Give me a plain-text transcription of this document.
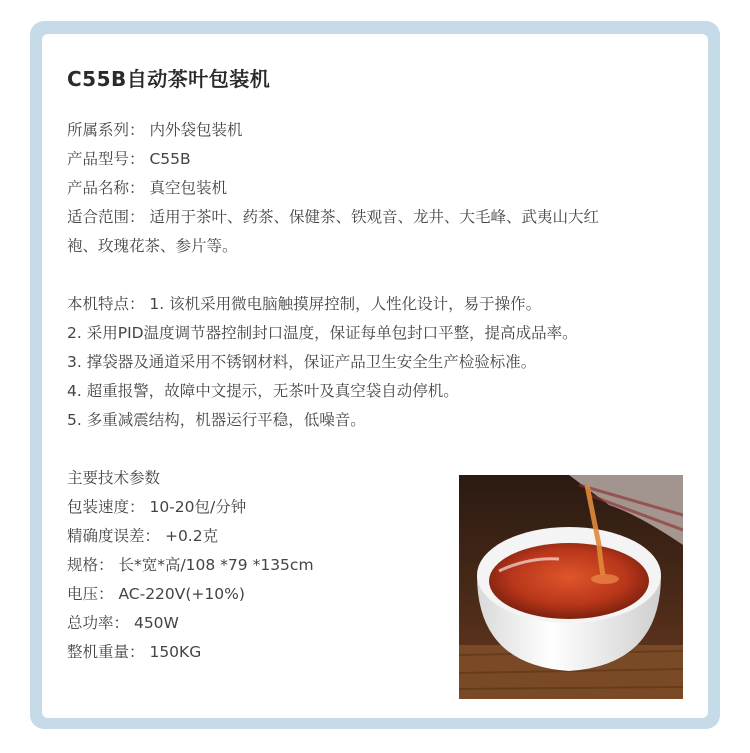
C55B自动茶叶包装机
所属系列： 内外袋包装机
产品型号： C55B
产品名称： 真空包装机
适合范围： 适用于茶叶、药茶、保健茶、铁观音、龙井、大毛峰、武夷山大红
袍、玫瑰花茶、参片等。
本机特点： 1. 该机采用微电脑触摸屏控制，人性化设计，易于操作。
2. 采用PID温度调节器控制封口温度，保证每单包封口平整，提高成品率。
3. 撑袋器及通道采用不锈钢材料，保证产品卫生安全生产检验标准。
4. 超重报警，故障中文提示，无茶叶及真空袋自动停机。
5. 多重减震结构，机器运行平稳，低噪音。
主要技术参数
包装速度： 10-20包/分钟
精确度误差： +0.2克
规格： 长*宽*高/108 *79 *135cm
电压： AC-220V(+10%)
总功率： 450W
整机重量： 150KG
